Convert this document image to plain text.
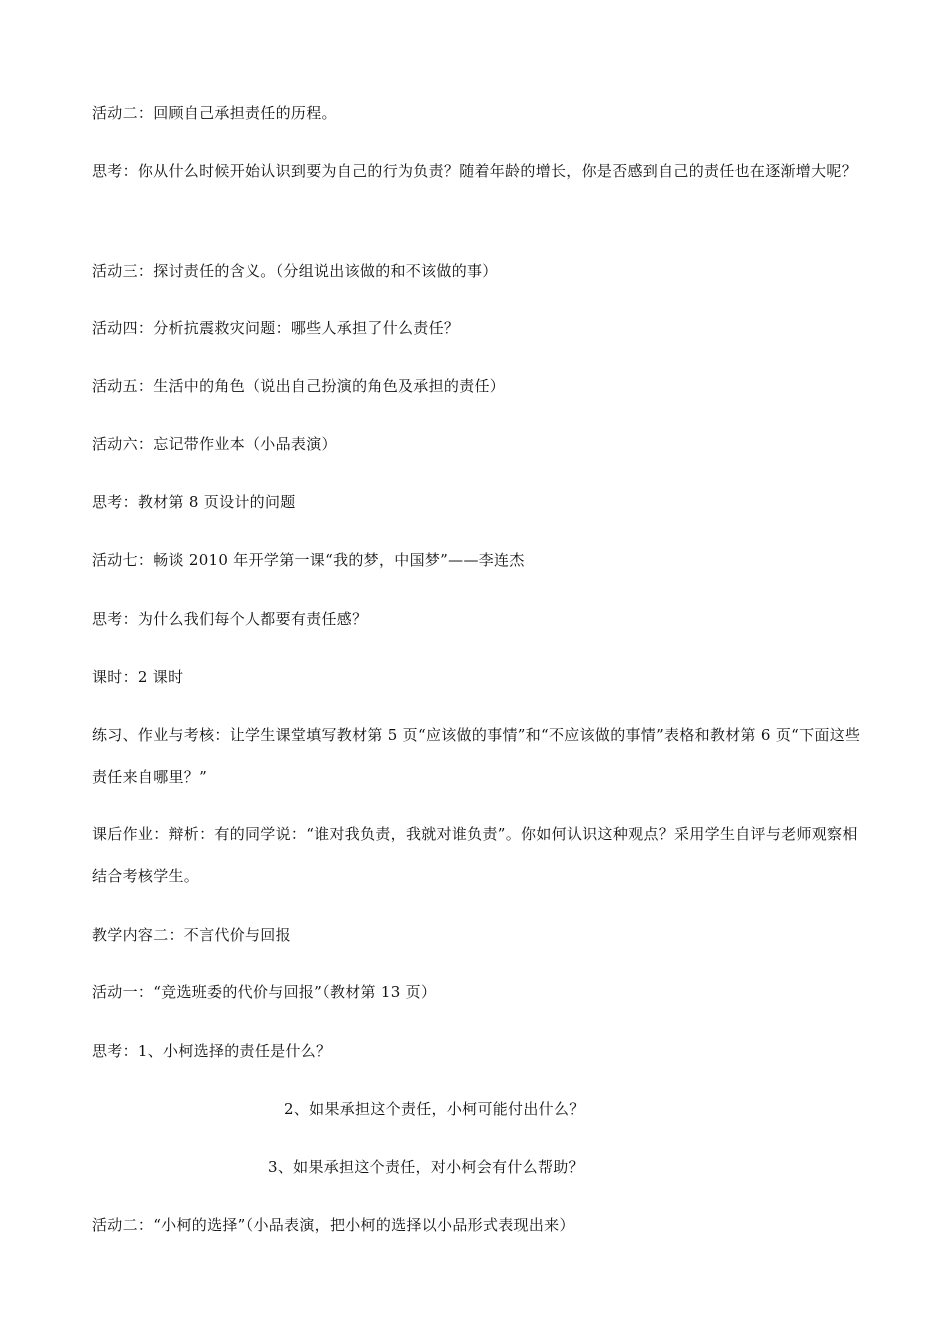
活动二：回顾自己承担责任的历程。

思考：你从什么时候开始认识到要为自己的行为负责？随着年龄的增长，你是否感到自己的责任也在逐渐增大呢？

活动三：探讨责任的含义。（分组说出该做的和不该做的事）

活动四：分析抗震救灾问题：哪些人承担了什么责任？

活动五：生活中的角色（说出自己扮演的角色及承担的责任）

活动六：忘记带作业本（小品表演）

思考：教材第 8 页设计的问题

活动七：畅谈 2010 年开学第一课“我的梦，中国梦”——李连杰

思考：为什么我们每个人都要有责任感？

课时：2 课时

练习、作业与考核：让学生课堂填写教材第 5 页“应该做的事情”和“不应该做的事情”表格和教材第 6 页“下面这些责任来自哪里？”

课后作业：辩析：有的同学说：“谁对我负责，我就对谁负责”。你如何认识这种观点？采用学生自评与老师观察相结合考核学生。

教学内容二：不言代价与回报

活动一：“竞选班委的代价与回报”（教材第 13 页）

思考：1、小柯选择的责任是什么？

2、如果承担这个责任，小柯可能付出什么？

3、如果承担这个责任，对小柯会有什么帮助？

活动二：“小柯的选择”（小品表演，把小柯的选择以小品形式表现出来）
